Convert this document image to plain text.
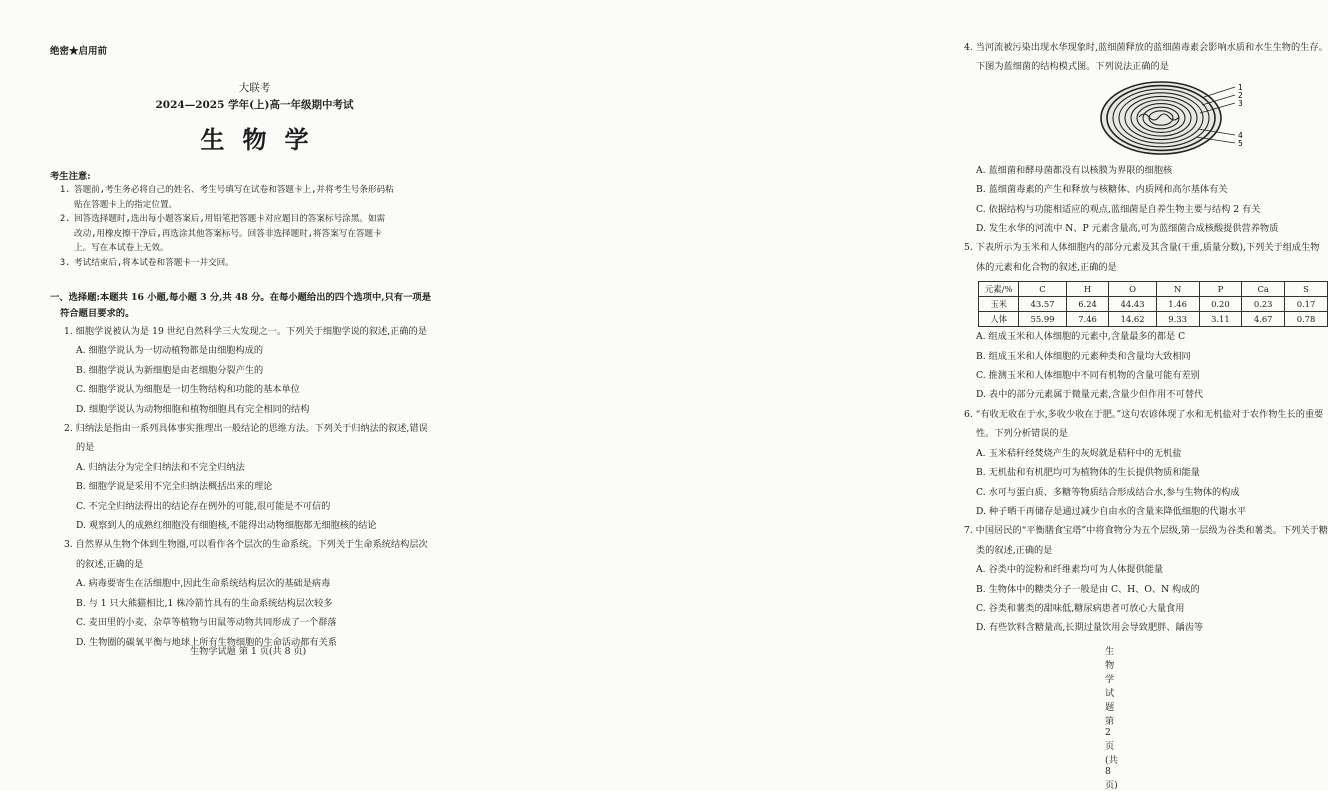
绝密★启用前
大联考
2024—2025 学年(上)高一年级期中考试
生物学
考生注意:
1. 答题前,考生务必将自己的姓名、考生号填写在试卷和答题卡上,并将考生号条形码粘
贴在答题卡上的指定位置。
2. 回答选择题时,选出每小题答案后,用铅笔把答题卡对应题目的答案标号涂黑。如需
改动,用橡皮擦干净后,再选涂其他答案标号。回答非选择题时,将答案写在答题卡
上。写在本试卷上无效。
3. 考试结束后,将本试卷和答题卡一并交回。
一、选择题:本题共 16 小题,每小题 3 分,共 48 分。在每小题给出的四个选项中,只有一项是
符合题目要求的。
1. 细胞学说被认为是 19 世纪自然科学三大发现之一。下列关于细胞学说的叙述,正确的是
A. 细胞学说认为一切动植物都是由细胞构成的
B. 细胞学说认为新细胞是由老细胞分裂产生的
C. 细胞学说认为细胞是一切生物结构和功能的基本单位
D. 细胞学说认为动物细胞和植物细胞具有完全相同的结构
2. 归纳法是指由一系列具体事实推理出一般结论的思维方法。下列关于归纳法的叙述,错误
的是
A. 归纳法分为完全归纳法和不完全归纳法
B. 细胞学说是采用不完全归纳法概括出来的理论
C. 不完全归纳法得出的结论存在例外的可能,很可能是不可信的
D. 观察到人的成熟红细胞没有细胞核,不能得出动物细胞都无细胞核的结论
3. 自然界从生物个体到生物圈,可以看作各个层次的生命系统。下列关于生命系统结构层次
的叙述,正确的是
A. 病毒要寄生在活细胞中,因此生命系统结构层次的基础是病毒
B. 与 1 只大熊猫相比,1 株冷箭竹具有的生命系统结构层次较多
C. 麦田里的小麦、杂草等植物与田鼠等动物共同形成了一个群落
D. 生物圈的碳氧平衡与地球上所有生物细胞的生命活动都有关系
生物学试题 第 1 页(共 8 页)
4. 当河流被污染出现水华现象时,蓝细菌释放的蓝细菌毒素会影响水质和水生生物的生存。
下图为蓝细菌的结构模式图。下列说法正确的是
1
2
3
4
5
A. 蓝细菌和酵母菌都没有以核膜为界限的细胞核
B. 蓝细菌毒素的产生和释放与核糖体、内质网和高尔基体有关
C. 依据结构与功能相适应的观点,蓝细菌是自养生物主要与结构 2 有关
D. 发生水华的河流中 N、P 元素含量高,可为蓝细菌合成核酸提供营养物质
5. 下表所示为玉米和人体细胞内的部分元素及其含量(干重,质量分数),下列关于组成生物
体的元素和化合物的叙述,正确的是
元素/%	C	H	O	N	P	Ca	S
玉米	43.57	6.24	44.43	1.46	0.20	0.23	0.17
人体	55.99	7.46	14.62	9.33	3.11	4.67	0.78
A. 组成玉米和人体细胞的元素中,含量最多的都是 C
B. 组成玉米和人体细胞的元素种类和含量均大致相同
C. 推测玉米和人体细胞中不同有机物的含量可能有差别
D. 表中的部分元素属于微量元素,含量少但作用不可替代
6. “有收无收在于水,多收少收在于肥。”这句农谚体现了水和无机盐对于农作物生长的重要
性。下列分析错误的是
A. 玉米秸秆经焚烧产生的灰烬就是秸秆中的无机盐
B. 无机盐和有机肥均可为植物体的生长提供物质和能量
C. 水可与蛋白质、多糖等物质结合形成结合水,参与生物体的构成
D. 种子晒干再储存是通过减少自由水的含量来降低细胞的代谢水平
7. 中国居民的“平衡膳食宝塔”中将食物分为五个层级,第一层级为谷类和薯类。下列关于糖
类的叙述,正确的是
A. 谷类中的淀粉和纤维素均可为人体提供能量
B. 生物体中的糖类分子一般是由 C、H、O、N 构成的
C. 谷类和薯类的甜味低,糖尿病患者可放心大量食用
D. 有些饮料含糖量高,长期过量饮用会导致肥胖、龋齿等
生物学试题 第 2 页(共 8 页)
